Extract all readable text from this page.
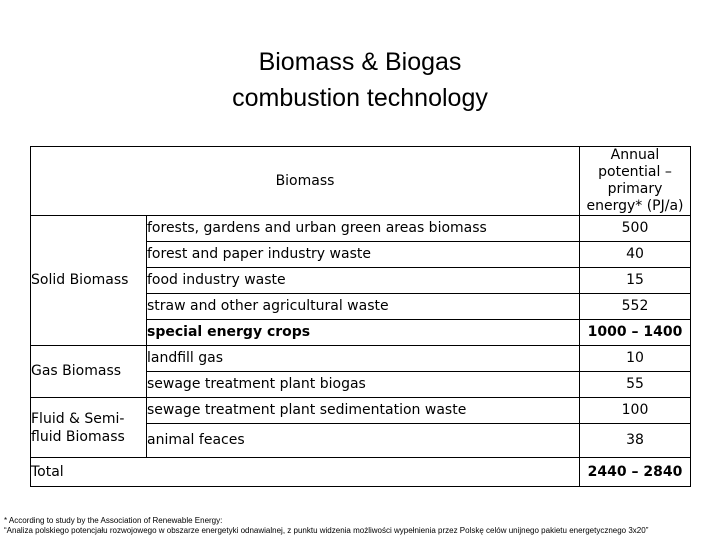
Biomass & Biogas
combustion technology
Biomass		Annual potential – primary energy* (PJ/a)
Solid Biomass	forests, gardens and urban green areas biomass	500
	forest and paper industry waste	40
	food industry waste	15
	straw and other agricultural waste	552
	special energy crops	1000 – 1400
Gas Biomass	landfill gas	10
	sewage treatment plant biogas	55
Fluid & Semi-fluid Biomass	sewage treatment plant sedimentation waste	100
	animal feaces	38
Total		2440 – 2840
* According to study by the Association of Renewable Energy:
“Analiza polskiego potencjału rozwojowego w obszarze energetyki odnawialnej, z punktu widzenia możliwości wypełnienia przez Polskę celów unijnego pakietu energetycznego 3x20”
